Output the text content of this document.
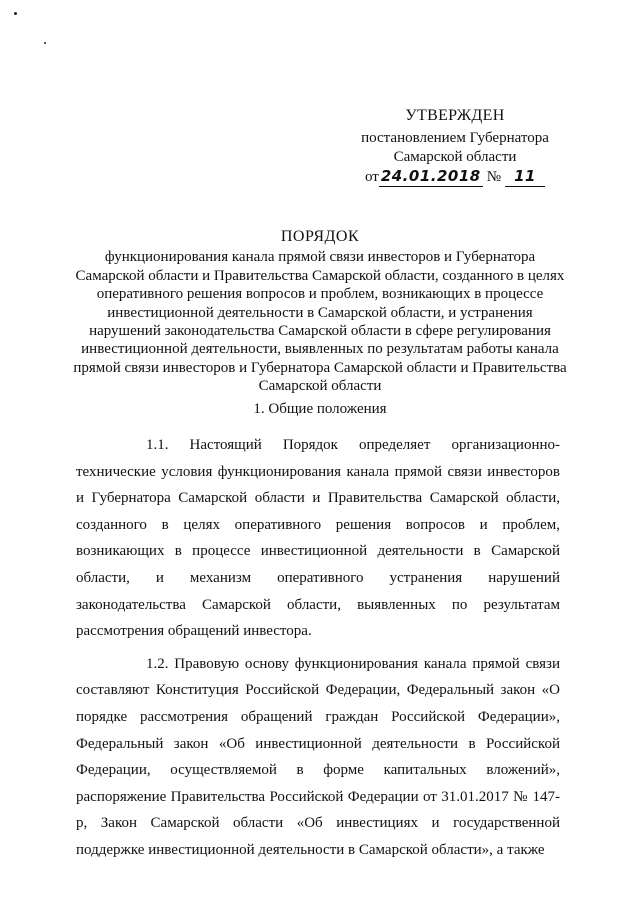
УТВЕРЖДЕН
постановлением Губернатора
Самарской области
от 24.01.2018 № 11
ПОРЯДОК
функционирования канала прямой связи инвесторов и Губернатора Самарской области и Правительства Самарской области, созданного в целях оперативного решения вопросов и проблем, возникающих в процессе инвестиционной деятельности в Самарской области, и устранения нарушений законодательства Самарской области в сфере регулирования инвестиционной деятельности, выявленных по результатам работы канала прямой связи инвесторов и Губернатора Самарской области и Правительства Самарской области
1. Общие положения

1.1. Настоящий Порядок определяет организационно-технические условия функционирования канала прямой связи инвесторов и Губернатора Самарской области и Правительства Самарской области, созданного в целях оперативного решения вопросов и проблем, возникающих в процессе инвестиционной деятельности в Самарской области, и механизм оперативного устранения нарушений законодательства Самарской области, выявленных по результатам рассмотрения обращений инвестора.

1.2. Правовую основу функционирования канала прямой связи составляют Конституция Российской Федерации, Федеральный закон «О порядке рассмотрения обращений граждан Российской Федерации», Федеральный закон «Об инвестиционной деятельности в Российской Федерации, осуществляемой в форме капитальных вложений», распоряжение Правительства Российской Федерации от 31.01.2017 № 147-р, Закон Самарской области «Об инвестициях и государственной поддержке инвестиционной деятельности в Самарской области», а также
